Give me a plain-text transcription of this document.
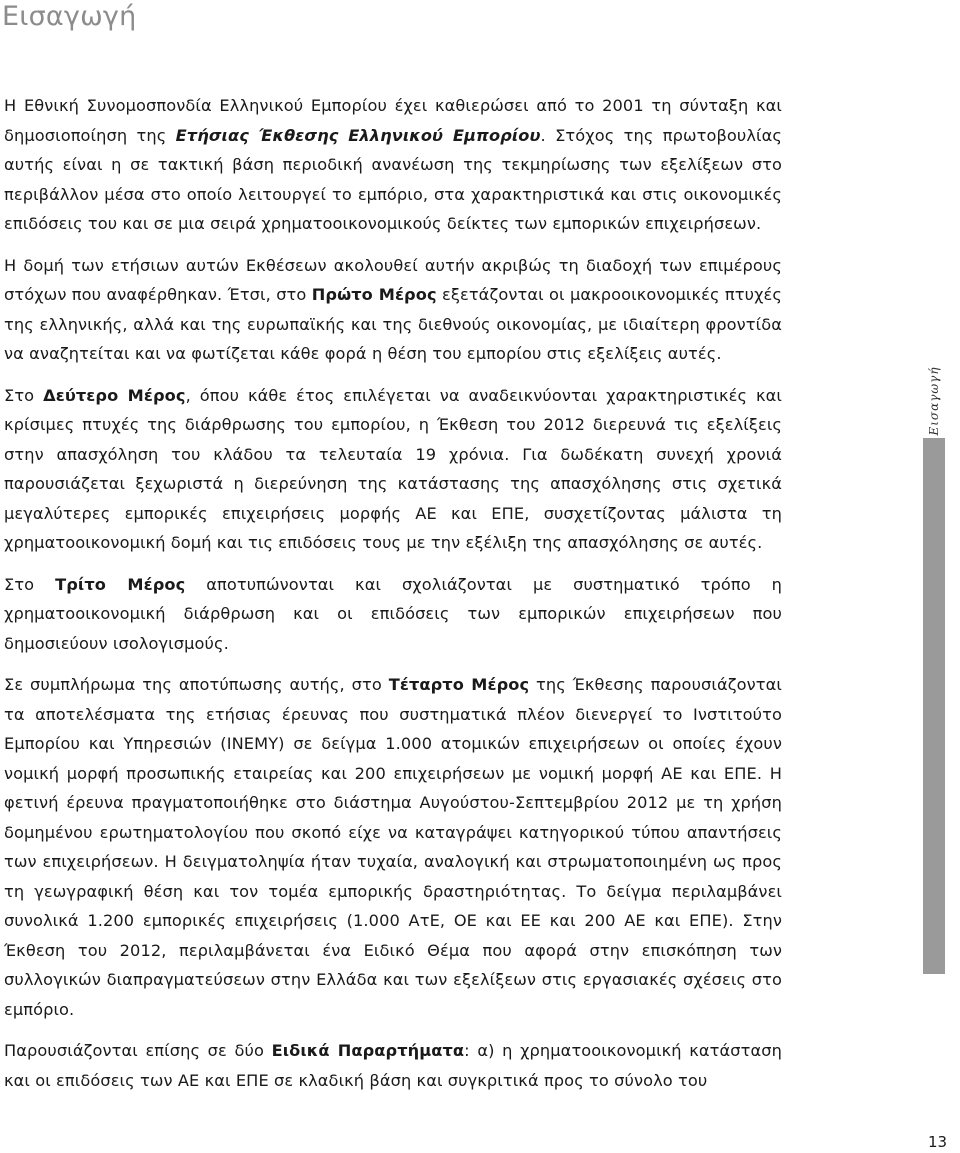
Εισαγωγή

Η Εθνική Συνομοσπονδία Ελληνικού Εμπορίου έχει καθιερώσει από το 2001 τη σύνταξη και δημοσιοποίηση της Ετήσιας Έκθεσης Ελληνικού Εμπορίου. Στόχος της πρωτοβουλίας αυτής είναι η σε τακτική βάση περιοδική ανανέωση της τεκμηρίωσης των εξελίξεων στο περιβάλλον μέσα στο οποίο λειτουργεί το εμπόριο, στα χαρακτηριστικά και στις οικονομικές επιδόσεις του και σε μια σειρά χρηματοοικονομικούς δείκτες των εμπορικών επιχειρήσεων.

Η δομή των ετήσιων αυτών Εκθέσεων ακολουθεί αυτήν ακριβώς τη διαδοχή των επιμέρους στόχων που αναφέρθηκαν. Έτσι, στο Πρώτο Μέρος εξετάζονται οι μακροοικονομικές πτυχές της ελληνικής, αλλά και της ευρωπαϊκής και της διεθνούς οικονομίας, με ιδιαίτερη φροντίδα να αναζητείται και να φωτίζεται κάθε φορά η θέση του εμπορίου στις εξελίξεις αυτές.

Στο Δεύτερο Μέρος, όπου κάθε έτος επιλέγεται να αναδεικνύονται χαρακτηριστικές και κρίσιμες πτυχές της διάρθρωσης του εμπορίου, η Έκθεση του 2012 διερευνά τις εξελίξεις στην απασχόληση του κλάδου τα τελευταία 19 χρόνια. Για δωδέκατη συνεχή χρονιά παρουσιάζεται ξεχωριστά η διερεύνηση της κατάστασης της απασχόλησης στις σχετικά μεγαλύτερες εμπορικές επιχειρήσεις μορφής ΑΕ και ΕΠΕ, συσχετίζοντας μάλιστα τη χρηματοοικονομική δομή και τις επιδόσεις τους με την εξέλιξη της απασχόλησης σε αυτές.

Στο Τρίτο Μέρος αποτυπώνονται και σχολιάζονται με συστηματικό τρόπο η χρηματοοικονομική διάρθρωση και οι επιδόσεις των εμπορικών επιχειρήσεων που δημοσιεύουν ισολογισμούς.

Σε συμπλήρωμα της αποτύπωσης αυτής, στο Τέταρτο Μέρος της Έκθεσης παρουσιάζονται τα αποτελέσματα της ετήσιας έρευνας που συστηματικά πλέον διενεργεί το Ινστιτούτο Εμπορίου και Υπηρεσιών (ΙΝΕΜΥ) σε δείγμα 1.000 ατομικών επιχειρήσεων οι οποίες έχουν νομική μορφή προσωπικής εταιρείας και 200 επιχειρήσεων με νομική μορφή ΑΕ και ΕΠΕ. Η φετινή έρευνα πραγματοποιήθηκε στο διάστημα Αυγούστου-Σεπτεμβρίου 2012 με τη χρήση δομημένου ερωτηματολογίου που σκοπό είχε να καταγράψει κατηγορικού τύπου απαντήσεις των επιχειρήσεων. Η δειγματοληψία ήταν τυχαία, αναλογική και στρωματοποιημένη ως προς τη γεωγραφική θέση και τον τομέα εμπορικής δραστηριότητας. Το δείγμα περιλαμβάνει συνολικά 1.200 εμπορικές επιχειρήσεις (1.000 ΑτΕ, ΟΕ και ΕΕ και 200 ΑΕ και ΕΠΕ). Στην Έκθεση του 2012, περιλαμβάνεται ένα Ειδικό Θέμα που αφορά στην επισκόπηση των συλλογικών διαπραγματεύσεων στην Ελλάδα και των εξελίξεων στις εργασιακές σχέσεις στο εμπόριο.

Παρουσιάζονται επίσης σε δύο Ειδικά Παραρτήματα: α) η χρηματοοικονομική κατάσταση και οι επιδόσεις των ΑΕ και ΕΠΕ σε κλαδική βάση και συγκριτικά προς το σύνολο του

Εισαγωγή
13
